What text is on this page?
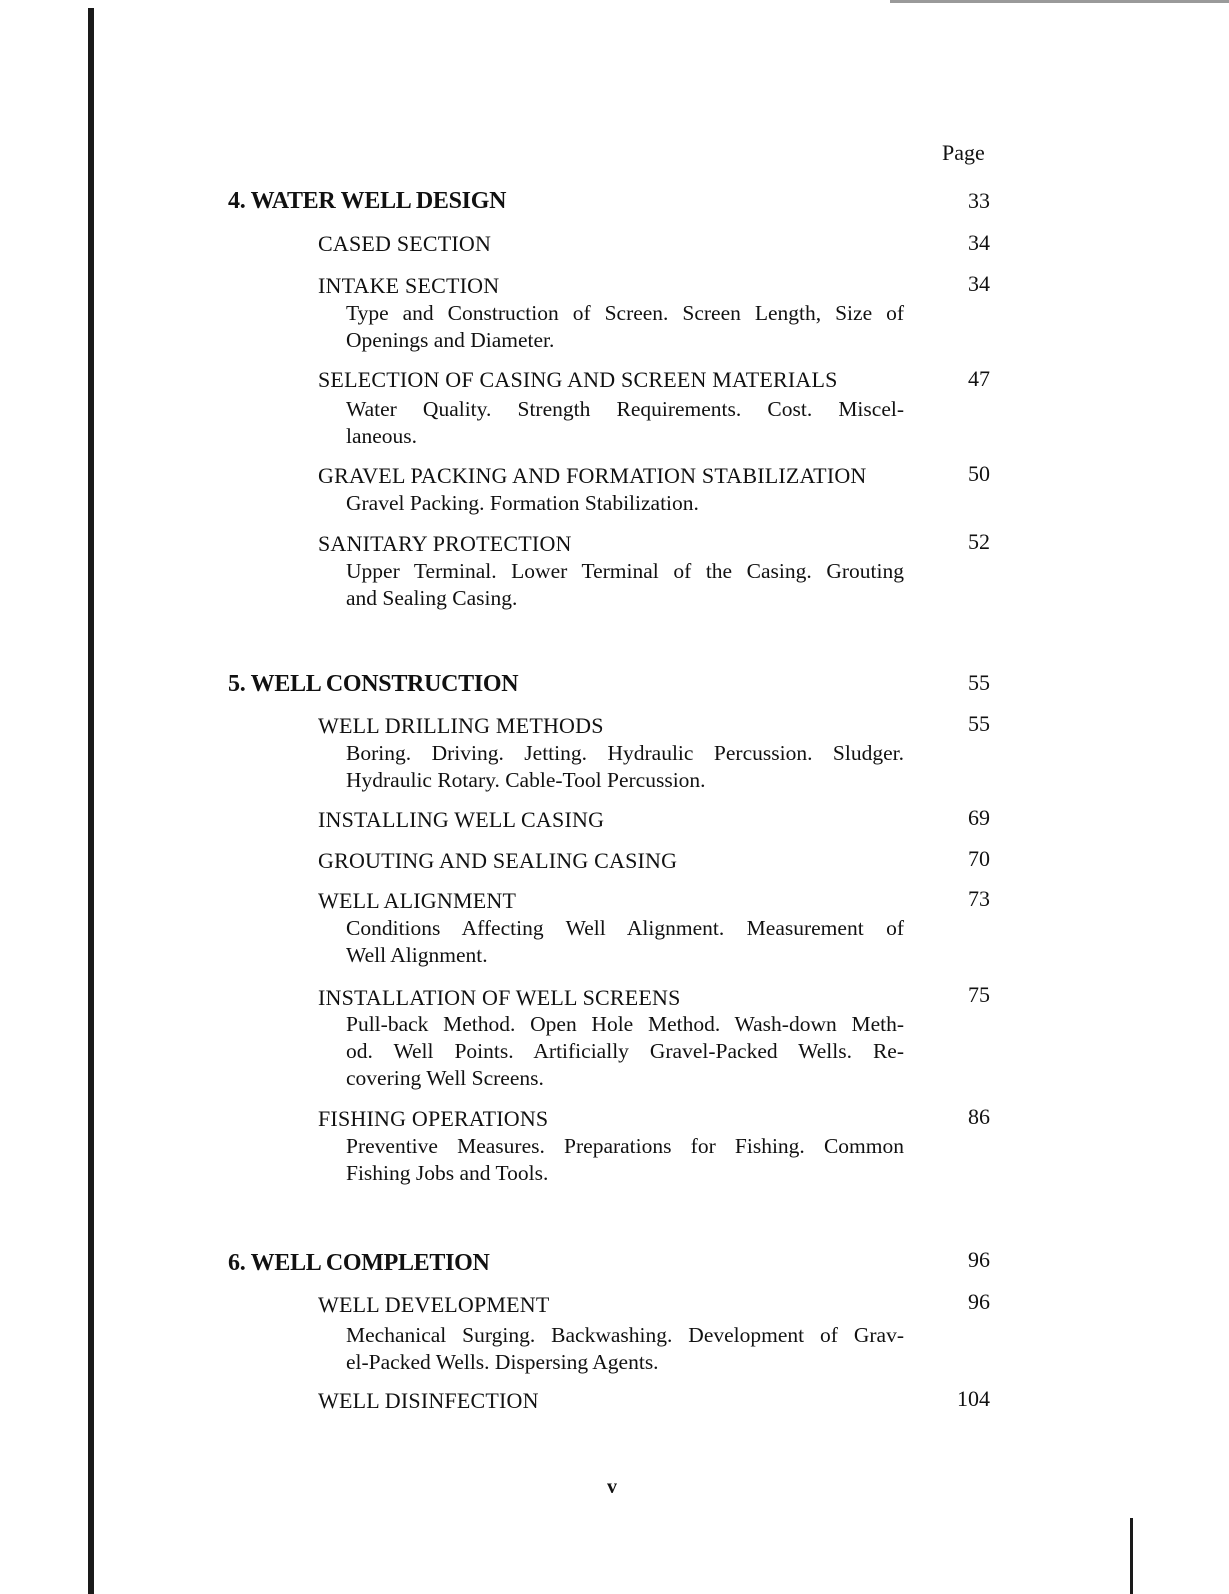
Page
4. WATER WELL DESIGN	33
CASED SECTION	34
INTAKE SECTION	34
Type and Construction of Screen. Screen Length, Size of
Openings and Diameter.
SELECTION OF CASING AND SCREEN MATERIALS	47
Water Quality. Strength Requirements. Cost. Miscel-
laneous.
GRAVEL PACKING AND FORMATION STABILIZATION	50
Gravel Packing. Formation Stabilization.
SANITARY PROTECTION	52
Upper Terminal. Lower Terminal of the Casing. Grouting
and Sealing Casing.
5. WELL CONSTRUCTION	55
WELL DRILLING METHODS	55
Boring. Driving. Jetting. Hydraulic Percussion. Sludger.
Hydraulic Rotary. Cable-Tool Percussion.
INSTALLING WELL CASING	69
GROUTING AND SEALING CASING	70
WELL ALIGNMENT	73
Conditions Affecting Well Alignment. Measurement of
Well Alignment.
INSTALLATION OF WELL SCREENS	75
Pull-back Method. Open Hole Method. Wash-down Meth-
od. Well Points. Artificially Gravel-Packed Wells. Re-
covering Well Screens.
FISHING OPERATIONS	86
Preventive Measures. Preparations for Fishing. Common
Fishing Jobs and Tools.
6. WELL COMPLETION	96
WELL DEVELOPMENT	96
Mechanical Surging. Backwashing. Development of Grav-
el-Packed Wells. Dispersing Agents.
WELL DISINFECTION	104
v
